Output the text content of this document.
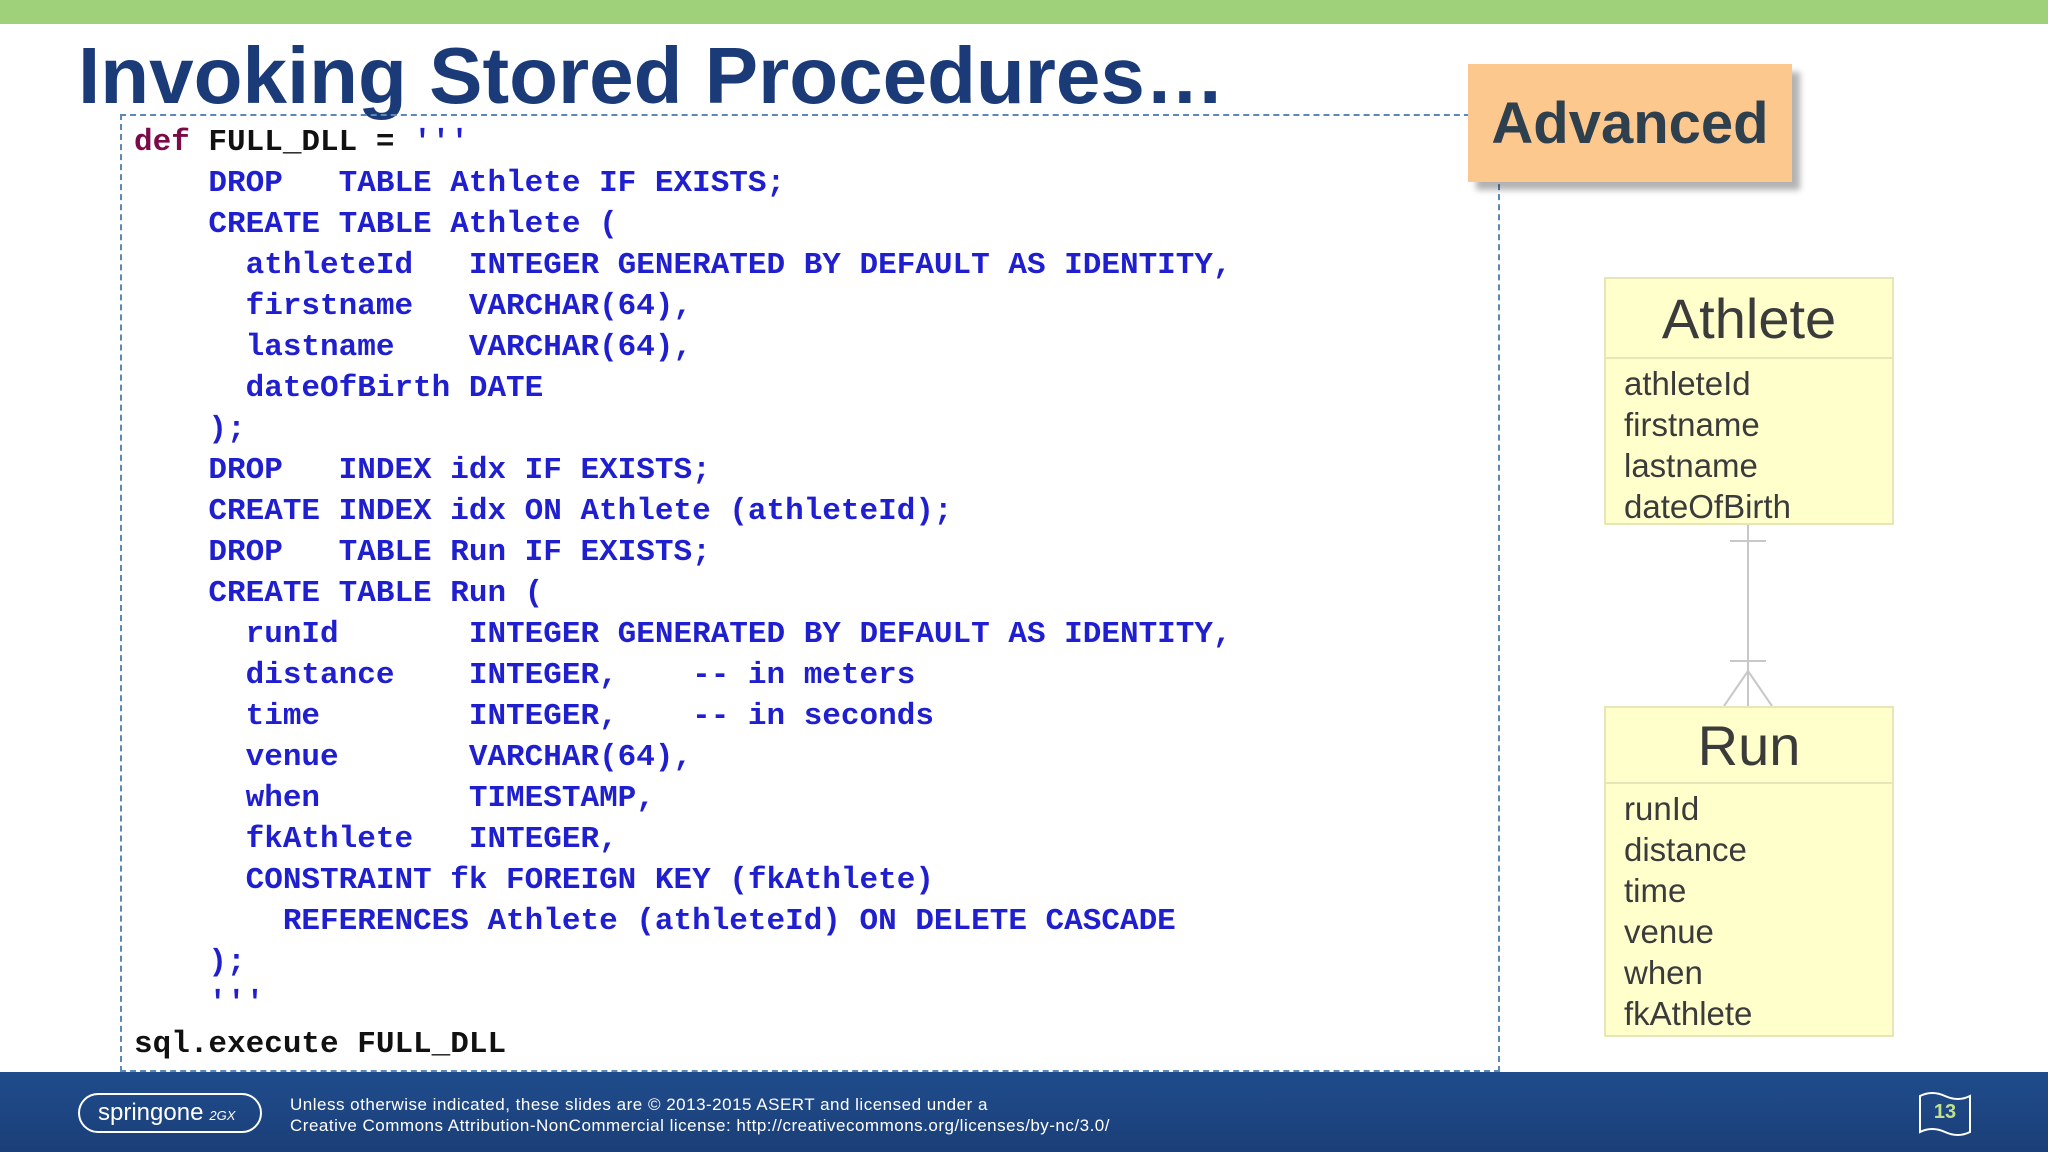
Invoking Stored Procedures…
def FULL_DLL = '''
DROP   TABLE Athlete IF EXISTS;
CREATE TABLE Athlete (
athleteId   INTEGER GENERATED BY DEFAULT AS IDENTITY,
firstname   VARCHAR(64),
lastname    VARCHAR(64),
dateOfBirth DATE
);
DROP   INDEX idx IF EXISTS;
CREATE INDEX idx ON Athlete (athleteId);
DROP   TABLE Run IF EXISTS;
CREATE TABLE Run (
runId       INTEGER GENERATED BY DEFAULT AS IDENTITY,
distance    INTEGER,    -- in meters
time        INTEGER,    -- in seconds
venue       VARCHAR(64),
when        TIMESTAMP,
fkAthlete   INTEGER,
CONSTRAINT fk FOREIGN KEY (fkAthlete)
REFERENCES Athlete (athleteId) ON DELETE CASCADE
);
'''
sql.execute FULL_DLL
Advanced
Athlete
athleteId
firstname
lastname
dateOfBirth
Run
runId
distance
time
venue
when
fkAthlete
springone 2GX
Unless otherwise indicated, these slides are © 2013-2015 ASERT and licensed under a
Creative Commons Attribution-NonCommercial license: http://creativecommons.org/licenses/by-nc/3.0/
13
